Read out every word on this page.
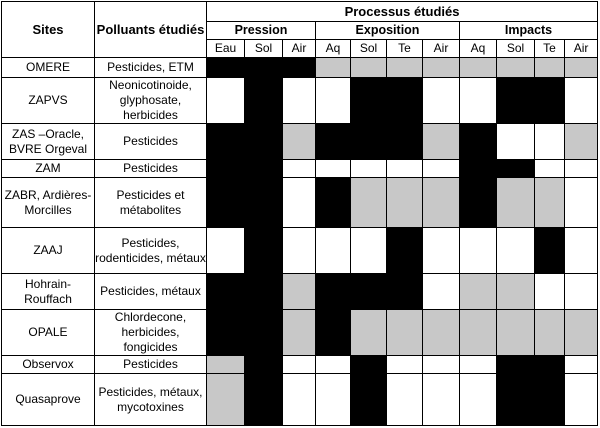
Sites	Polluants étudiés	Processus étudiés										
		Pression			Exposition				Impacts			
		Eau	Sol	Air	Aq	Sol	Te	Air	Aq	Sol	Te	Air
OMERE	Pesticides, ETM											
ZAPVS	Neonicotinoide, glyphosate, herbicides											
ZAS –Oracle, BVRE Orgeval	Pesticides											
ZAM	Pesticides											
ZABR, Ardières-Morcilles	Pesticides et métabolites											
ZAAJ	Pesticides, rodenticides, métaux											
Hohrain-Rouffach	Pesticides, métaux											
OPALE	Chlordecone, herbicides, fongicides											
Observox	Pesticides											
Quasaprove	Pesticides, métaux, mycotoxines											
